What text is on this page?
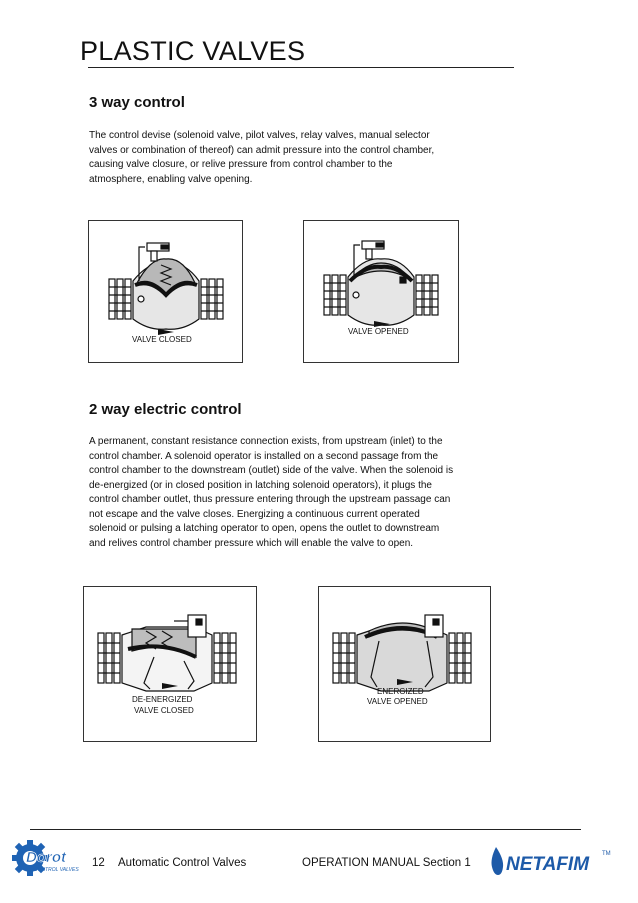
PLASTIC VALVES
3 way control
The control devise (solenoid valve, pilot valves, relay valves, manual selector valves or combination of thereof) can admit pressure into the control chamber, causing valve closure, or relive pressure from control chamber to the atmosphere, enabling valve opening.
VALVE CLOSED
VALVE OPENED
2 way electric control
A permanent, constant resistance connection exists, from upstream (inlet) to the control chamber. A solenoid operator is installed on a second passage from the control chamber to the downstream (outlet) side of the valve. When the solenoid is de-energized (or in closed position in latching solenoid operators), it plugs the control chamber outlet, thus pressure entering through the upstream passage can not escape and the valve closes. Energizing a continuous current operated solenoid or pulsing a latching operator to open, opens the outlet to downstream and relives control chamber pressure which will enable the valve to open.
DE-ENERGIZED
VALVE CLOSED
ENERGIZED
VALVE OPENED
Dorot
CONTROL VALVES
12 Automatic Control Valves	OPERATION MANUAL Section 1 NETAFIM TM
